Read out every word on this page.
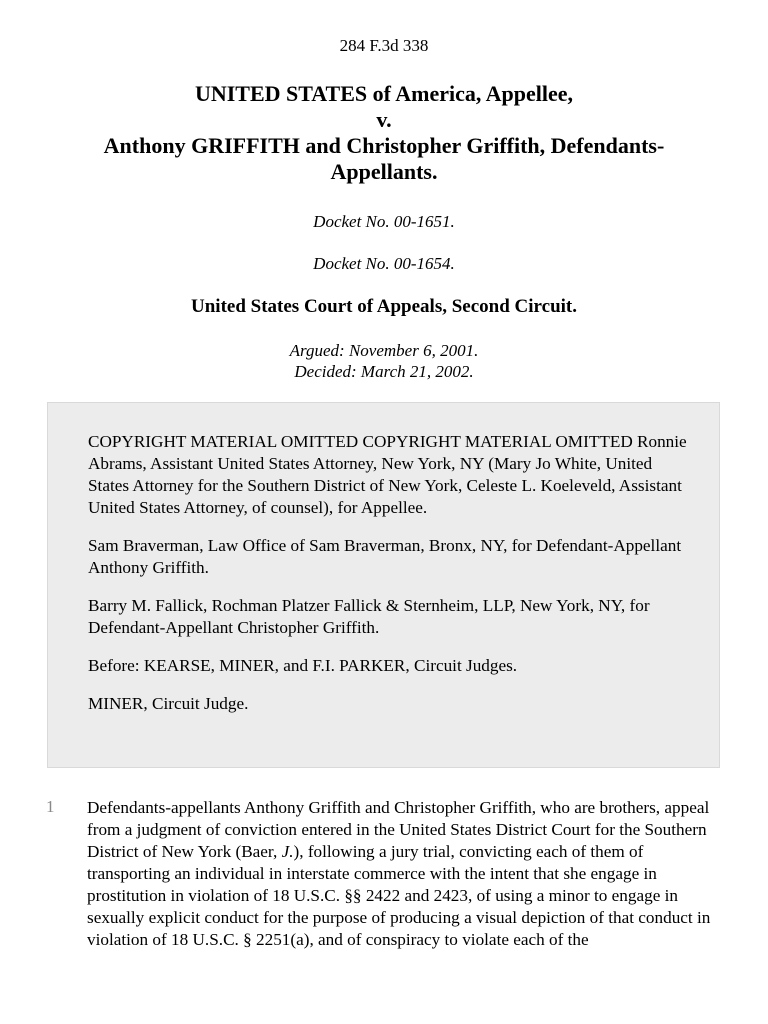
284 F.3d 338
UNITED STATES of America, Appellee,
v.
Anthony GRIFFITH and Christopher Griffith, Defendants-
Appellants.
Docket No. 00-1651.
Docket No. 00-1654.
United States Court of Appeals, Second Circuit.
Argued: November 6, 2001.
Decided: March 21, 2002.

COPYRIGHT MATERIAL OMITTED COPYRIGHT MATERIAL OMITTED Ronnie Abrams, Assistant United States Attorney, New York, NY (Mary Jo White, United States Attorney for the Southern District of New York, Celeste L. Koeleveld, Assistant United States Attorney, of counsel), for Appellee.

Sam Braverman, Law Office of Sam Braverman, Bronx, NY, for Defendant-Appellant Anthony Griffith.

Barry M. Fallick, Rochman Platzer Fallick & Sternheim, LLP, New York, NY, for Defendant-Appellant Christopher Griffith.

Before: KEARSE, MINER, and F.I. PARKER, Circuit Judges.

MINER, Circuit Judge.

1 Defendants-appellants Anthony Griffith and Christopher Griffith, who are brothers, appeal from a judgment of conviction entered in the United States District Court for the Southern District of New York (Baer, J.), following a jury trial, convicting each of them of transporting an individual in interstate commerce with the intent that she engage in prostitution in violation of 18 U.S.C. §§ 2422 and 2423, of using a minor to engage in sexually explicit conduct for the purpose of producing a visual depiction of that conduct in violation of 18 U.S.C. § 2251(a), and of conspiracy to violate each of the
